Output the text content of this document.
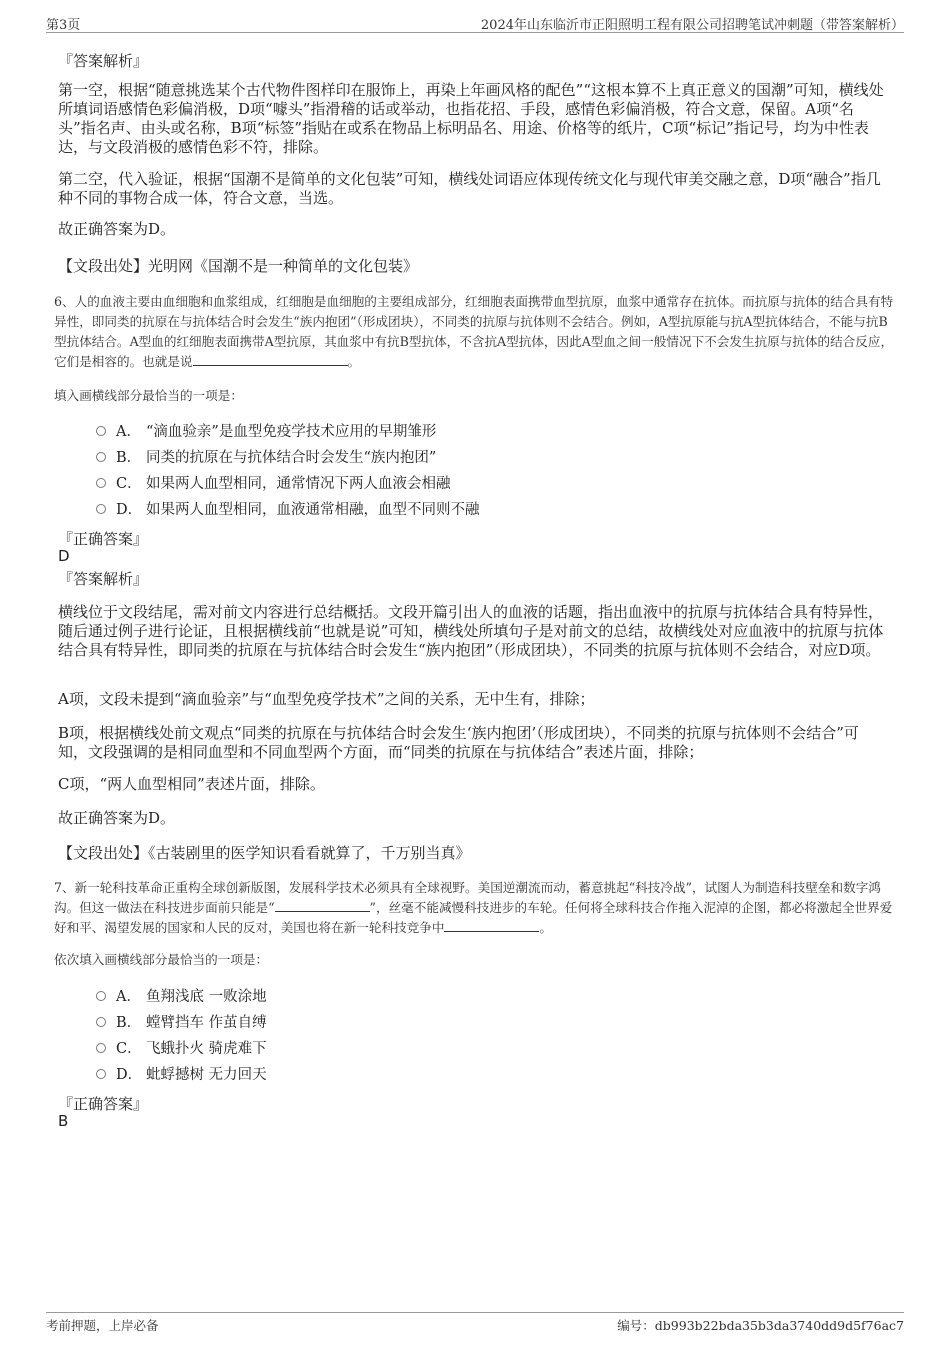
第3页	2024年山东临沂市正阳照明工程有限公司招聘笔试冲刺题（带答案解析）
『答案解析』

第一空，根据“随意挑选某个古代物件图样印在服饰上，再染上年画风格的配色”“这根本算不上真正意义的国潮”可知，横线处所填词语感情色彩偏消极，D项“噱头”指滑稽的话或举动，也指花招、手段，感情色彩偏消极，符合文意，保留。A项“名头”指名声、由头或名称，B项“标签”指贴在或系在物品上标明品名、用途、价格等的纸片，C项“标记”指记号，均为中性表达，与文段消极的感情色彩不符，排除。

第二空，代入验证，根据“国潮不是简单的文化包装”可知，横线处词语应体现传统文化与现代审美交融之意，D项“融合”指几种不同的事物合成一体，符合文意，当选。

故正确答案为D。

【文段出处】光明网《国潮不是一种简单的文化包装》

6、人的血液主要由血细胞和血浆组成，红细胞是血细胞的主要组成部分，红细胞表面携带血型抗原，血浆中通常存在抗体。而抗原与抗体的结合具有特异性，即同类的抗原在与抗体结合时会发生“族内抱团”（形成团块），不同类的抗原与抗体则不会结合。例如，A型抗原能与抗A型抗体结合，不能与抗B型抗体结合。A型血的红细胞表面携带A型抗原，其血浆中有抗B型抗体，不含抗A型抗体，因此A型血之间一般情况下不会发生抗原与抗体的结合反应，它们是相容的。也就是说	。

填入画横线部分最恰当的一项是：

A． “滴血验亲”是血型免疫学技术应用的早期雏形
B． 同类的抗原在与抗体结合时会发生“族内抱团”
C． 如果两人血型相同，通常情况下两人血液会相融
D． 如果两人血型相同，血液通常相融，血型不同则不融
『正确答案』
D
『答案解析』

横线位于文段结尾，需对前文内容进行总结概括。文段开篇引出人的血液的话题，指出血液中的抗原与抗体结合具有特异性，随后通过例子进行论证，且根据横线前“也就是说”可知，横线处所填句子是对前文的总结，故横线处对应血液中的抗原与抗体结合具有特异性，即同类的抗原在与抗体结合时会发生“族内抱团”（形成团块），不同类的抗原与抗体则不会结合，对应D项。

A项，文段未提到“滴血验亲”与“血型免疫学技术”之间的关系，无中生有，排除；

B项，根据横线处前文观点“同类的抗原在与抗体结合时会发生‘族内抱团’（形成团块），不同类的抗原与抗体则不会结合”可知，文段强调的是相同血型和不同血型两个方面，而“同类的抗原在与抗体结合”表述片面，排除；

C项，“两人血型相同”表述片面，排除。

故正确答案为D。

【文段出处】《古装剧里的医学知识看看就算了，千万别当真》

7、新一轮科技革命正重构全球创新版图，发展科学技术必须具有全球视野。美国逆潮流而动，蓄意挑起“科技冷战”，试图人为制造科技壁垒和数字鸿沟。但这一做法在科技进步面前只能是“	”，丝毫不能减慢科技进步的车轮。任何将全球科技合作拖入泥淖的企图，都必将激起全世界爱好和平、渴望发展的国家和人民的反对，美国也将在新一轮科技竞争中	。

依次填入画横线部分最恰当的一项是：

A． 鱼翔浅底 一败涂地
B． 螳臂挡车 作茧自缚
C． 飞蛾扑火 骑虎难下
D． 蚍蜉撼树 无力回天
『正确答案』
B
考前押题，上岸必备	编号：db993b22bda35b3da3740dd9d5f76ac7
